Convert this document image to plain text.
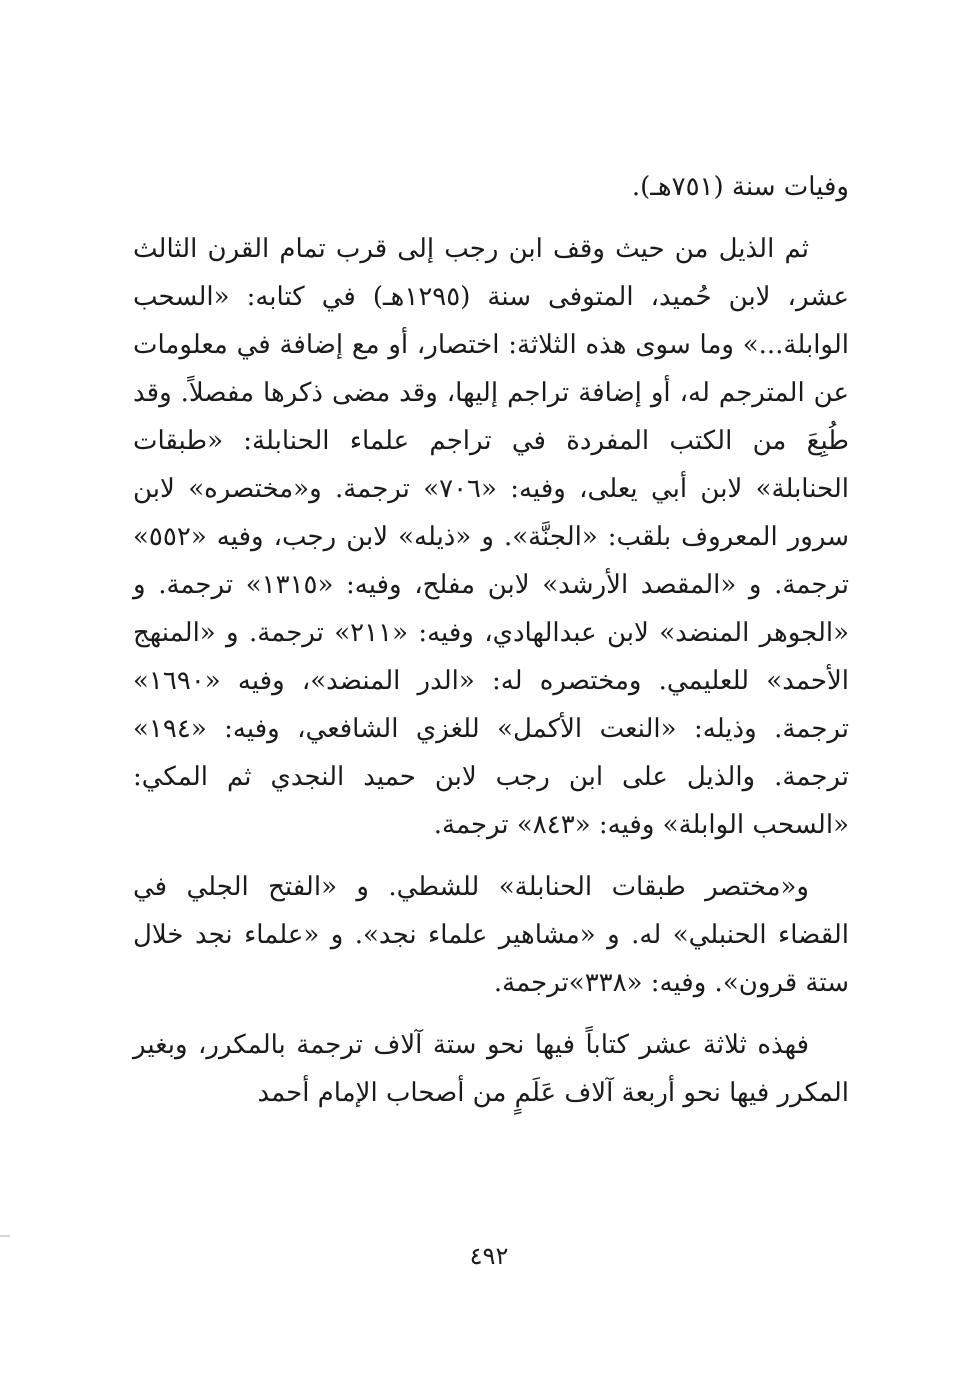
وفيات سنة (٧٥١هـ).

ثم الذيل من حيث وقف ابن رجب إلى قرب تمام القرن الثالث عشر، لابن حُميد، المتوفى سنة (١٢٩٥هـ) في كتابه: «السحب الوابلة...» وما سوى هذه الثلاثة: اختصار، أو مع إضافة في معلومات عن المترجم له، أو إضافة تراجم إليها، وقد مضى ذكرها مفصلاً. وقد طُبِعَ من الكتب المفردة في تراجم علماء الحنابلة: «طبقات الحنابلة» لابن أبي يعلى، وفيه: «٧٠٦» ترجمة. و«مختصره» لابن سرور المعروف بلقب: «الجنَّة». و «ذيله» لابن رجب، وفيه «٥٥٢» ترجمة. و «المقصد الأرشد» لابن مفلح، وفيه: «١٣١٥» ترجمة. و «الجوهر المنضد» لابن عبدالهادي، وفيه: «٢١١» ترجمة. و «المنهج الأحمد» للعليمي. ومختصره له: «الدر المنضد»، وفيه «١٦٩٠» ترجمة. وذيله: «النعت الأكمل» للغزي الشافعي، وفيه: «١٩٤» ترجمة. والذيل على ابن رجب لابن حميد النجدي ثم المكي: «السحب الوابلة» وفيه: «٨٤٣» ترجمة.

و«مختصر طبقات الحنابلة» للشطي. و «الفتح الجلي في القضاء الحنبلي» له. و «مشاهير علماء نجد». و «علماء نجد خلال ستة قرون». وفيه: «٣٣٨»ترجمة.

فهذه ثلاثة عشر كتاباً فيها نحو ستة آلاف ترجمة بالمكرر، وبغير المكرر فيها نحو أربعة آلاف عَلَمٍ من أصحاب الإمام أحمد

٤٩٢
